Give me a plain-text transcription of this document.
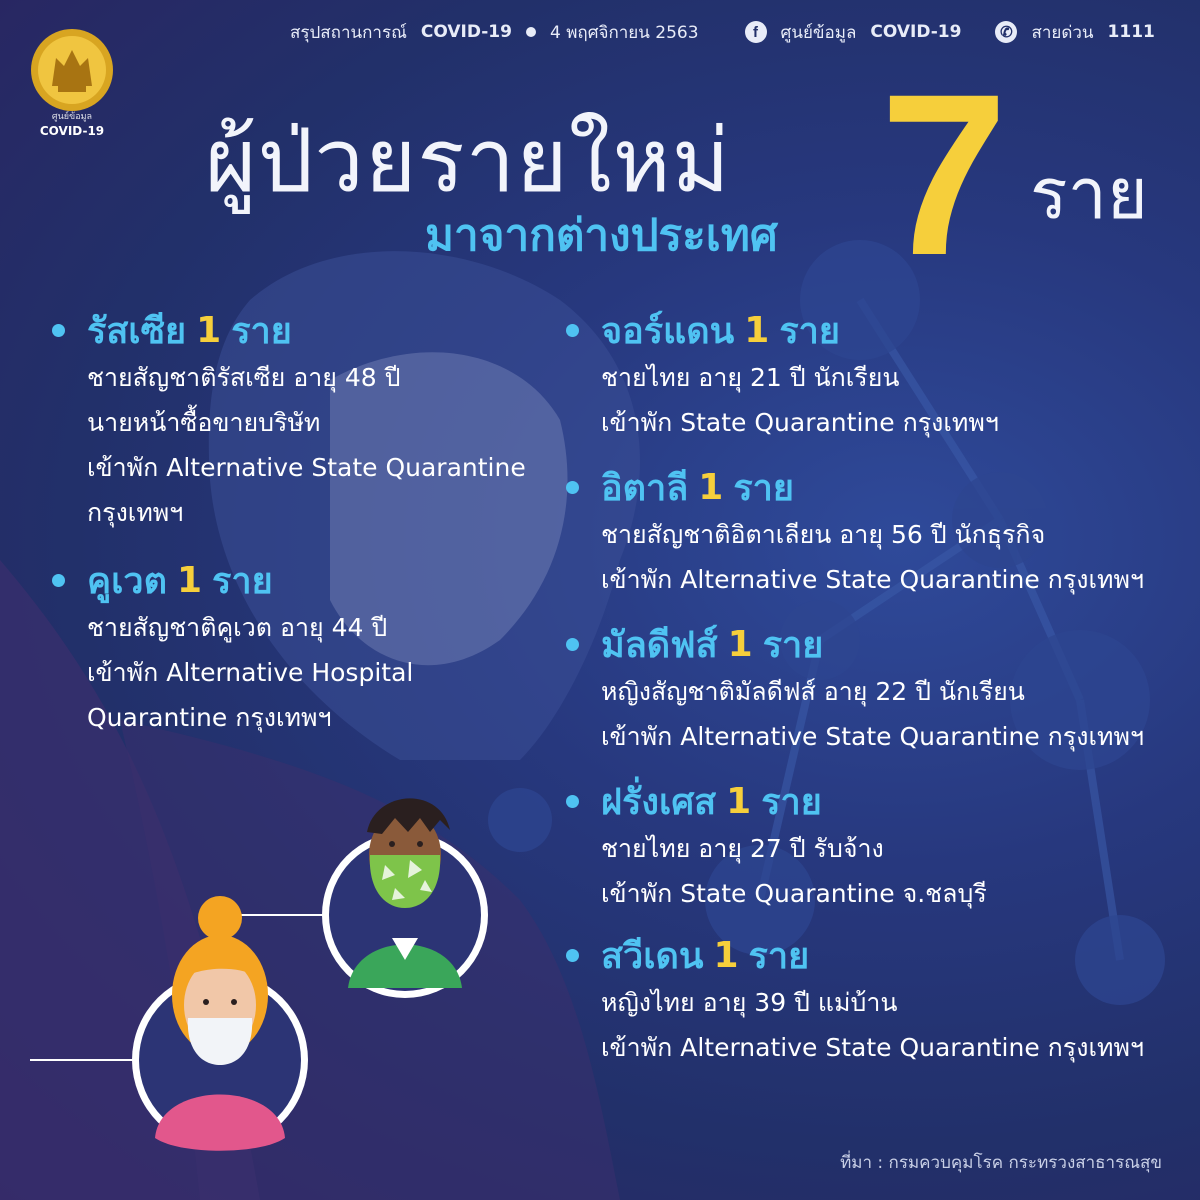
สรุปสถานการณ์ COVID-19 4 พฤศจิกายน 2563	f	ศูนย์ข้อมูล COVID-19	✆ สายด่วน 1111
ศูนย์ข้อมูล
COVID-19 ผู้ป่วยรายใหม่
มาจากต่างประเทศ 7 ราย
รัสเซีย 1 ราย
ชายสัญชาติรัสเซีย อายุ 48 ปี
นายหน้าซื้อขายบริษัท
เข้าพัก Alternative State Quarantine
กรุงเทพฯ
คูเวต 1 ราย
ชายสัญชาติคูเวต อายุ 44 ปี
เข้าพัก Alternative Hospital
Quarantine กรุงเทพฯ
จอร์แดน 1 ราย
ชายไทย อายุ 21 ปี นักเรียน
เข้าพัก State Quarantine กรุงเทพฯ
อิตาลี 1 ราย
ชายสัญชาติอิตาเลียน อายุ 56 ปี นักธุรกิจ
เข้าพัก Alternative State Quarantine กรุงเทพฯ
มัลดีฟส์ 1 ราย
หญิงสัญชาติมัลดีฟส์ อายุ 22 ปี นักเรียน
เข้าพัก Alternative State Quarantine กรุงเทพฯ
ฝรั่งเศส 1 ราย
ชายไทย อายุ 27 ปี รับจ้าง
เข้าพัก State Quarantine จ.ชลบุรี
สวีเดน 1 ราย
หญิงไทย อายุ 39 ปี แม่บ้าน
เข้าพัก Alternative State Quarantine กรุงเทพฯ
ที่มา : กรมควบคุมโรค กระทรวงสาธารณสุข
